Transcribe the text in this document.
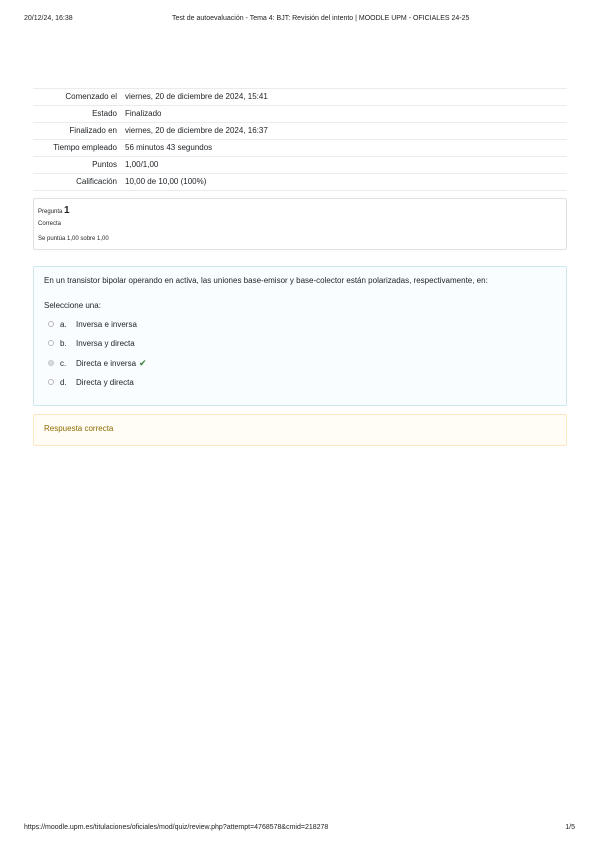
20/12/24, 16:38	Test de autoevaluación - Tema 4: BJT: Revisión del intento | MOODLE UPM - OFICIALES 24-25
Comenzado el	viernes, 20 de diciembre de 2024, 15:41
Estado	Finalizado
Finalizado en	viernes, 20 de diciembre de 2024, 16:37
Tiempo empleado	56 minutos 43 segundos
Puntos	1,00/1,00
Calificación	10,00 de 10,00 (100%)
Pregunta 1
Correcta
Se puntúa 1,00 sobre 1,00
En un transistor bipolar operando en activa, las uniones base-emisor y base-colector están polarizadas, respectivamente, en:
Seleccione una:
a.	Inversa e inversa
b.	Inversa y directa
c.	Directa e inversa ✔
d.	Directa y directa
Respuesta correcta
https://moodle.upm.es/titulaciones/oficiales/mod/quiz/review.php?attempt=4768578&cmid=218278	1/5
